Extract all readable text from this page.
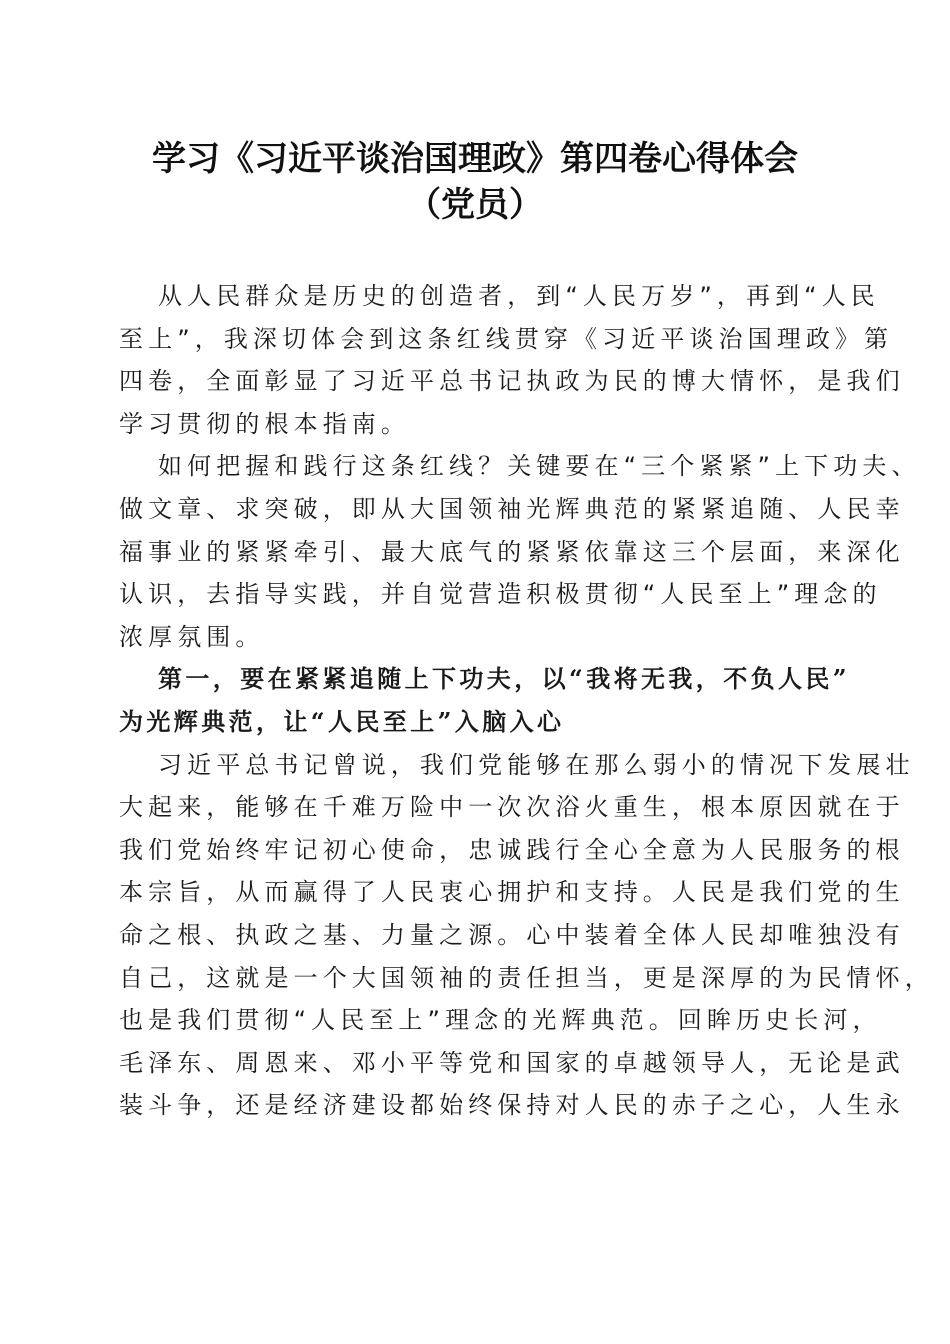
学习《习近平谈治国理政》第四卷心得体会
（党员）
从人民群众是历史的创造者，到“人民万岁”，再到“人民
至上”，我深切体会到这条红线贯穿《习近平谈治国理政》第
四卷，全面彰显了习近平总书记执政为民的博大情怀，是我们
学习贯彻的根本指南。
如何把握和践行这条红线？关键要在“三个紧紧”上下功夫、
做文章、求突破，即从大国领袖光辉典范的紧紧追随、人民幸
福事业的紧紧牵引、最大底气的紧紧依靠这三个层面，来深化
认识，去指导实践，并自觉营造积极贯彻“人民至上”理念的
浓厚氛围。
第一，要在紧紧追随上下功夫，以“我将无我，不负人民”
为光辉典范，让“人民至上”入脑入心
习近平总书记曾说，我们党能够在那么弱小的情况下发展壮
大起来，能够在千难万险中一次次浴火重生，根本原因就在于
我们党始终牢记初心使命，忠诚践行全心全意为人民服务的根
本宗旨，从而赢得了人民衷心拥护和支持。人民是我们党的生
命之根、执政之基、力量之源。心中装着全体人民却唯独没有
自己，这就是一个大国领袖的责任担当，更是深厚的为民情怀，
也是我们贯彻“人民至上”理念的光辉典范。回眸历史长河，
毛泽东、周恩来、邓小平等党和国家的卓越领导人，无论是武
装斗争，还是经济建设都始终保持对人民的赤子之心，人生永
